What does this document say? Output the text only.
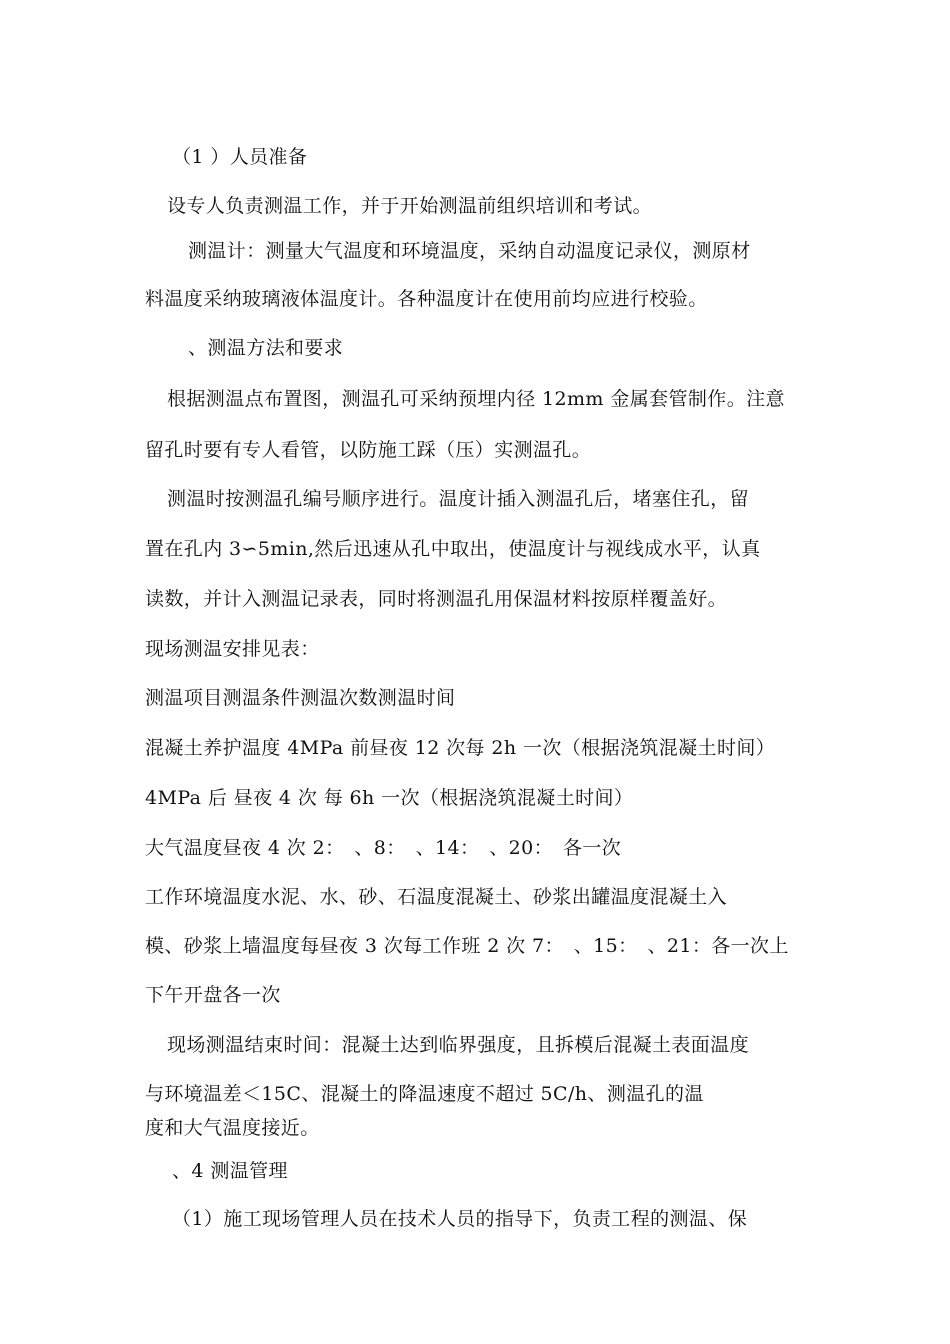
（1 ）人员准备

设专人负责测温工作，并于开始测温前组织培训和考试。

测温计：测量大气温度和环境温度，采纳自动温度记录仪，测原材

料温度采纳玻璃液体温度计。各种温度计在使用前均应进行校验。

、测温方法和要求

根据测温点布置图，测温孔可采纳预埋内径 12mm 金属套管制作。注意

留孔时要有专人看管，以防施工踩（压）实测温孔。

测温时按测温孔编号顺序进行。温度计插入测温孔后，堵塞住孔，留

置在孔内 3∽5min,然后迅速从孔中取出，使温度计与视线成水平，认真

读数，并计入测温记录表，同时将测温孔用保温材料按原样覆盖好。

现场测温安排见表：

测温项目测温条件测温次数测温时间

混凝土养护温度 4MPa 前昼夜 12 次每 2h 一次（根据浇筑混凝土时间）

4MPa 后 昼夜 4 次 每 6h 一次（根据浇筑混凝土时间）

大气温度昼夜 4 次 2：　、8：　、14：　、20：　各一次

工作环境温度水泥、水、砂、石温度混凝土、砂浆出罐温度混凝土入

模、砂浆上墙温度每昼夜 3 次每工作班 2 次 7：　、15：　、21：各一次上

下午开盘各一次

现场测温结束时间：混凝土达到临界强度，且拆模后混凝土表面温度

与环境温差＜15C、混凝土的降温速度不超过 5C/h、测温孔的温

度和大气温度接近。

、4 测温管理

（1）施工现场管理人员在技术人员的指导下，负责工程的测温、保
